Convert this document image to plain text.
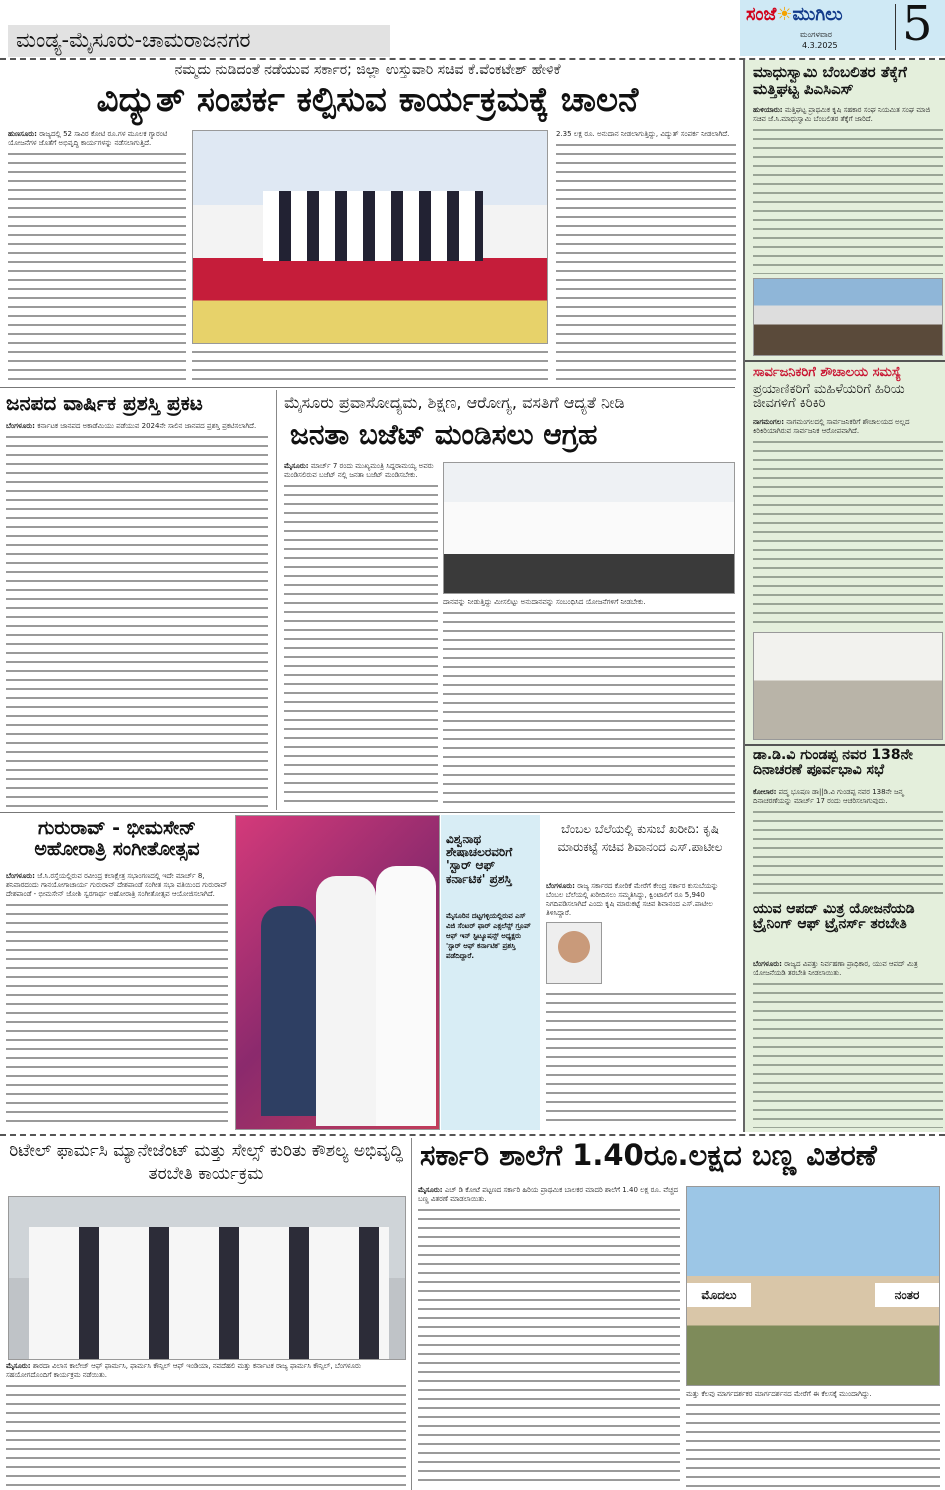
ಮಂಡ್ಯ-ಮೈಸೂರು-ಚಾಮರಾಜನಗರ
ಸಂಜೆ☀ಮುಗಿಲು
ಮಂಗಳವಾರ
4.3.2025 5
ನಮ್ಮದು ನುಡಿದಂತೆ ನಡೆಯುವ ಸರ್ಕಾರ; ಜಿಲ್ಲಾ ಉಸ್ತುವಾರಿ ಸಚಿವ ಕೆ.ವೆಂಕಟೇಶ್ ಹೇಳಿಕೆ
ವಿದ್ಯುತ್ ಸಂಪರ್ಕ ಕಲ್ಪಿಸುವ ಕಾರ್ಯಕ್ರಮಕ್ಕೆ ಚಾಲನೆ
ಹುಣಸೂರು: ರಾಜ್ಯದಲ್ಲಿ 52 ಸಾವಿರ ಕೋಟಿ ರೂ.ಗಳ ಮೂಲಕ ಗ್ಯಾರಂಟಿ ಯೋಜನೆಗಳ ಜೊತೆಗೆ ಅಭಿವೃದ್ಧಿ ಕಾರ್ಯಗಳನ್ನು ನಡೆಸಲಾಗುತ್ತಿದೆ.
2.35 ಲಕ್ಷ ರೂ. ಅನುದಾನ ನೀಡಲಾಗುತ್ತಿದ್ದು, ವಿದ್ಯುತ್ ಸಂಪರ್ಕ ನೀಡಲಾಗಿದೆ.
ಮಾಧುಸ್ವಾಮಿ ಬೆಂಬಲಿತರ ತೆಕ್ಕೆಗೆ ಮತ್ತಿಘಟ್ಟ ಪಿಎಸಿಎಸ್
ಹುಳಿಯಾರು: ಮತ್ತಿಘಟ್ಟ ಪ್ರಾಥಮಿಕ ಕೃಷಿ ಸಹಕಾರ ಸಂಘ ನಿಯಮಿತ ಸಂಘ ಮಾಜಿ ಸಚಿವ ಜೆ.ಸಿ.ಮಾಧುಸ್ವಾಮಿ ಬೆಂಬಲಿತರ ತೆಕ್ಕೆಗೆ ಜಾರಿದೆ.
ಸಾರ್ವಜನಿಕರಿಗೆ ಶೌಚಾಲಯ ಸಮಸ್ಯೆ
ಪ್ರಯಾಣಿಕರಿಗೆ ಮಹಿಳೆಯರಿಗೆ ಹಿರಿಯ ಜೀವಗಳಿಗೆ ಕಿರಿಕಿರಿ
ನಾಗಮಂಗಲ: ನಾಗಮಂಗಲದಲ್ಲಿ ಸಾರ್ವಜನಿಕರಿಗೆ ಶೌಚಾಲಯದ ಅಲ್ಲದ ಕಿರಿಕಿರಿಯಾಗಿರುವ ಸಾರ್ವಜನಿಕ ಆರೋಪವಾಗಿದೆ.
ಡಾ.ಡಿ.ವಿ ಗುಂಡಪ್ಪ ನವರ 138ನೇ ದಿನಾಚರಣೆ ಪೂರ್ವಭಾವಿ ಸಭೆ
ಕೋಲಾರ: ಪದ್ಮ ಭೂಷಣ ಡಾ||ಡಿ.ವಿ ಗುಂಡಪ್ಪ ನವರ 138ನೇ ಜನ್ಮ ದಿನಾಚರಣೆಯನ್ನು ಮಾರ್ಚ್ 17 ರಂದು ಆಚರಿಸಲಾಗುವುದು.
ಯುವ ಆಪದ್ ಮಿತ್ರ ಯೋಜನೆಯಡಿ ಟ್ರೈನಿಂಗ್ ಆಫ್ ಟ್ರೈನರ್ಸ್ ತರಬೇತಿ
ಬೆಂಗಳೂರು: ರಾಜ್ಯದ ವಿಪತ್ತು ನಿರ್ವಹಣಾ ಪ್ರಾಧಿಕಾರ, ಯುವ ಆಪದ್ ಮಿತ್ರ ಯೋಜನೆಯಡಿ ತರಬೇತಿ ನೀಡಲಾಯಿತು.
ಜನಪದ ವಾರ್ಷಿಕ ಪ್ರಶಸ್ತಿ ಪ್ರಕಟ
ಬೆಂಗಳೂರು: ಕರ್ನಾಟಕ ಜಾನಪದ ಅಕಾಡೆಮಿಯು ಪಡೆಯುವ 2024ನೇ ಸಾಲಿನ ಜಾನಪದ ಪ್ರಶಸ್ತಿ ಪ್ರಕಟಿಸಲಾಗಿದೆ.
ಮೈಸೂರು ಪ್ರವಾಸೋದ್ಯಮ, ಶಿಕ್ಷಣ, ಆರೋಗ್ಯ, ವಸತಿಗೆ ಆದ್ಯತೆ ನೀಡಿ
ಜನತಾ ಬಜೆಟ್ ಮಂಡಿಸಲು ಆಗ್ರಹ
ಮೈಸೂರು: ಮಾರ್ಚ್ 7 ರಂದು ಮುಖ್ಯಮಂತ್ರಿ ಸಿದ್ದರಾಮಯ್ಯ ಅವರು ಮಂಡಿಸಲಿರುವ ಬಜೆಟ್ ನಲ್ಲಿ ಜನತಾ ಬಜೆಟ್ ಮಂಡಿಸಬೇಕು.
ದಾನವನ್ನು ನೀಡುತ್ತಿದ್ದು ಮೀಸಲಿಟ್ಟು ಅನುದಾನವನ್ನು ಸಂಬಂಧಿಸಿದ ಯೋಜನೆಗಳಿಗೆ ನೀಡಬೇಕು.
ಗುರುರಾವ್ - ಭೀಮಸೇನ್ ಅಹೋರಾತ್ರಿ ಸಂಗೀತೋತ್ಸವ
ಬೆಂಗಳೂರು: ಜೆ.ಸಿ.ರಸ್ತೆಯಲ್ಲಿರುವ ರವೀಂದ್ರ ಕಲಾಕ್ಷೇತ್ರ ಸಭಾಂಗಣದಲ್ಲಿ ಇದೇ ಮಾರ್ಚ್ 8, ಶನಿವಾರದಂದು ಗಾನಯೋಗಾಚಾರ್ಯ ಗುರುರಾವ್ ದೇಶಪಾಂಡೆ ಸಂಗೀತ ಸಭಾ ವತಿಯಿಂದ ಗುರುರಾವ್ ದೇಶಪಾಂಡೆ - ಭೀಮಸೇನ್ ಜೋಶಿ ಸ್ವರಗಾರ್ಥ ಅಹೋರಾತ್ರಿ ಸಂಗೀತೋತ್ಸವ ಆಯೋಜಿಸಲಾಗಿದೆ.
ವಿಶ್ವನಾಥ ಶೇಷಾಚಲರವರಿಗೆ 'ಸ್ಟಾರ್ ಆಫ್ ಕರ್ನಾಟಿಕ' ಪ್ರಶಸ್ತಿ
ಮೈಸೂರಿನ ದಟ್ಟಗಳ್ಳಿಯಲ್ಲಿರುವ ಎಸ್ ವಿಜಿ ಸೆಂಟರ್ ಫಾರ್ ಎಕ್ಸಲೆನ್ಸ್ ಗ್ರೂಪ್ ಆಫ್ ಇನ್ ಸ್ಟಿಟ್ಯೂಷನ್ಸ್ ಅಧ್ಯಕ್ಷರು 'ಸ್ಟಾರ್ ಆಫ್ ಕರ್ನಾಟಿಕ' ಪ್ರಶಸ್ತಿ ಪಡೆದಿದ್ದಾರೆ.
ಬೆಂಬಲ ಬೆಲೆಯಲ್ಲಿ ಕುಸುಬೆ ಖರೀದಿ: ಕೃಷಿ ಮಾರುಕಟ್ಟೆ ಸಚಿವ ಶಿವಾನಂದ ಎಸ್.ಪಾಟೀಲ
ಬೆಂಗಳೂರು: ರಾಜ್ಯ ಸರ್ಕಾರದ ಕೋರಿಕೆ ಮೇರೆಗೆ ಕೇಂದ್ರ ಸರ್ಕಾರ ಕುಸುಬೆಯನ್ನು ಬೆಂಬಲ ಬೆಲೆಯಲ್ಲಿ ಖರೀದಿಸಲು ಸಮ್ಮತಿಸಿದ್ದು, ಕ್ವಿಂಟಾಲಿಗೆ ರೂ 5,940 ನಿಗದಿಪಡಿಸಲಾಗಿದೆ ಎಂದು ಕೃಷಿ ಮಾರುಕಟ್ಟೆ ಸಚಿವ ಶಿವಾನಂದ ಎಸ್.ಪಾಟೀಲ ತಿಳಿಸಿದ್ದಾರೆ.
ರಿಟೇಲ್ ಫಾರ್ಮಸಿ ಮ್ಯಾನೇಜೆಂಟ್ ಮತ್ತು ಸೇಲ್ಸ್ ಕುರಿತು ಕೌಶಲ್ಯ ಅಭಿವೃದ್ಧಿ ತರಬೇತಿ ಕಾರ್ಯಕ್ರಮ
ಮೈಸೂರು: ಶಾರದಾ ವಿಲಾಸ ಕಾಲೇಜ್ ಆಫ್ ಫಾರ್ಮಸಿ, ಫಾರ್ಮಸಿ ಕೌನ್ಸಿಲ್ ಆಫ್ ಇಂಡಿಯಾ, ನವದೆಹಲಿ ಮತ್ತು ಕರ್ನಾಟಕ ರಾಜ್ಯ ಫಾರ್ಮಸಿ ಕೌನ್ಸಿಲ್, ಬೆಂಗಳೂರು ಸಹಯೋಗದೊಂದಿಗೆ ಕಾರ್ಯಕ್ರಮ ನಡೆಯಿತು.
ಸರ್ಕಾರಿ ಶಾಲೆಗೆ 1.40ರೂ.ಲಕ್ಷದ ಬಣ್ಣ ವಿತರಣೆ
ಮೈಸೂರು: ಎಚ್ ಡಿ ಕೋಟೆ ಪಟ್ಟಣದ ಸರ್ಕಾರಿ ಹಿರಿಯ ಪ್ರಾಥಮಿಕ ಬಾಲಕರ ಮಾದರಿ ಶಾಲೆಗೆ 1.40 ಲಕ್ಷ ರೂ. ವೆಚ್ಚದ ಬಣ್ಣ ವಿತರಣೆ ಮಾಡಲಾಯಿತು.
ಮೊದಲು	ನಂತರ
ಮತ್ತು ಕೆಲವು ಮಾರ್ಗದರ್ಶಕರ ಮಾರ್ಗದರ್ಶನದ ಮೇರೆಗೆ ಈ ಕೆಲಸಕ್ಕೆ ಮುಂದಾಗಿದ್ದು.
